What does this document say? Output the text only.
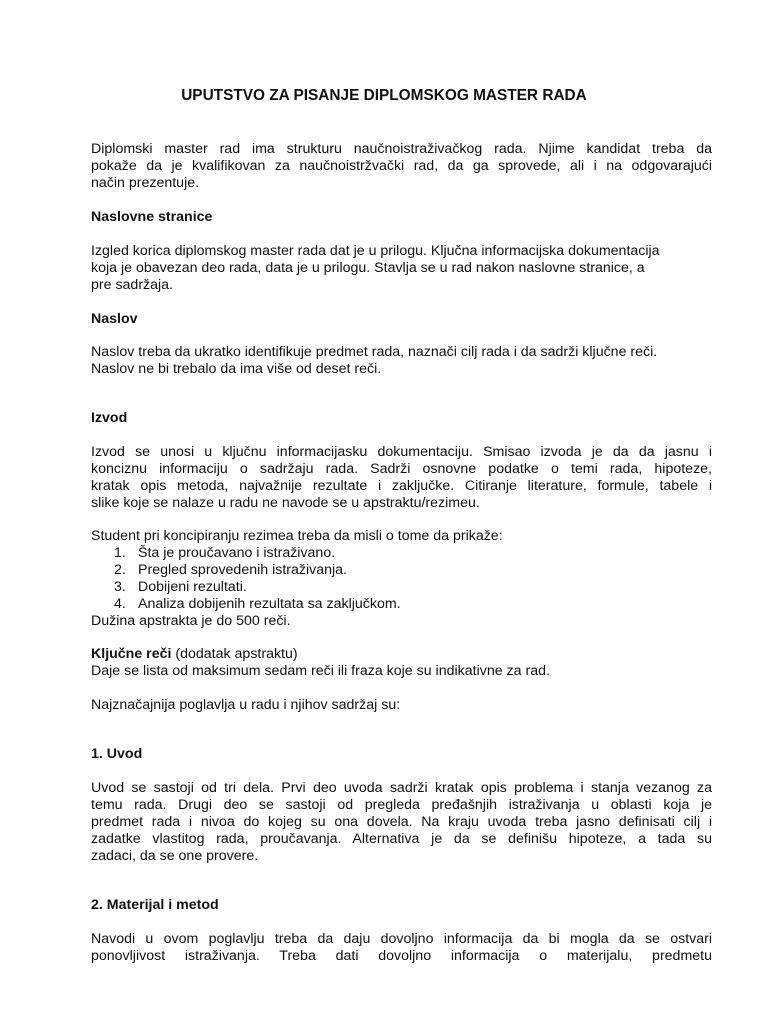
UPUTSTVO ZA PISANJE DIPLOMSKOG MASTER RADA

Diplomski master rad ima strukturu naučnoistraživačkog rada. Njime kandidat treba da
pokaže da je kvalifikovan za naučnoistržvački rad, da ga sprovede, ali i na odgovarajući
način prezentuje.

Naslovne stranice

Izgled korica diplomskog master rada dat je u prilogu. Ključna informacijska dokumentacija
koja je obavezan deo rada, data je u prilogu. Stavlja se u rad nakon naslovne stranice, a
pre sadržaja.

Naslov

Naslov treba da ukratko identifikuje predmet rada, naznači cilj rada i da sadrži ključne reči.
Naslov ne bi trebalo da ima više od deset reči.

Izvod

Izvod se unosi u ključnu informacijasku dokumentaciju. Smisao izvoda je da da jasnu i
konciznu informaciju o sadržaju rada. Sadrži osnovne podatke o temi rada, hipoteze,
kratak opis metoda, najvažnije rezultate i zaključke. Citiranje literature, formule, tabele i
slike koje se nalaze u radu ne navode se u apstraktu/rezimeu.

Student pri koncipiranju rezimea treba da misli o tome da prikaže:

1. Šta je proučavano i istraživano.
2. Pregled sprovedenih istraživanja.
3. Dobijeni rezultati.
4. Analiza dobijenih rezultata sa zaključkom.

Dužina apstrakta je do 500 reči.

Ključne reči (dodatak apstraktu)

Daje se lista od maksimum sedam reči ili fraza koje su indikativne za rad.

Najznačajnija poglavlja u radu i njihov sadržaj su:

1. Uvod

Uvod se sastoji od tri dela. Prvi deo uvoda sadrži kratak opis problema i stanja vezanog za
temu rada. Drugi deo se sastoji od pregleda prеđašnjih istraživanja u oblasti koja je
predmet rada i nivoa do kojeg su ona dovela. Na kraju uvoda treba jasno definisati cilj i
zadatke vlastitog rada, proučavanja. Alternativa je da se definišu hipoteze, a tada su
zadaci, da se one provere.

2. Materijal i metod

Navodi u ovom poglavlju treba da daju dovoljno informacija da bi mogla da se ostvari
ponovljivost istraživanja. Treba dati dovoljno informacija o materijalu, predmetu
